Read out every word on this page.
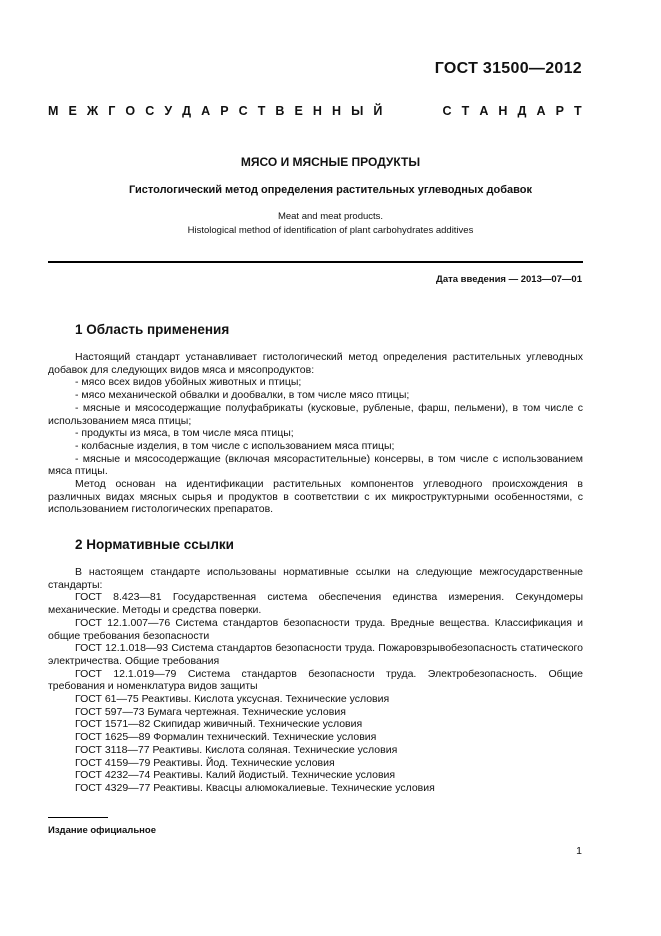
ГОСТ 31500—2012
М Е Ж Г О С У Д А Р С Т В Е Н Н Ы Й	С Т А Н Д А Р Т
МЯСО И МЯСНЫЕ ПРОДУКТЫ
Гистологический метод определения растительных углеводных добавок
Meat and meat products.
Histological method of identification of plant carbohydrates additives
Дата введения — 2013—07—01
1 Область применения

Настоящий стандарт устанавливает гистологический метод определения растительных углеводных добавок для следующих видов мяса и мясопродуктов:

- мясо всех видов убойных животных и птицы;

- мясо механической обвалки и дообвалки, в том числе мясо птицы;

- мясные и мясосодержащие полуфабрикаты (кусковые, рубленые, фарш, пельмени), в том числе с использованием мяса птицы;

- продукты из мяса, в том числе мяса птицы;

- колбасные изделия, в том числе с использованием мяса птицы;

- мясные и мясосодержащие (включая мясорастительные) консервы, в том числе с использованием мяса птицы.

Метод основан на идентификации растительных компонентов углеводного происхождения в различных видах мясных сырья и продуктов в соответствии с их микроструктурными особенностями, с использованием гистологических препаратов.

2 Нормативные ссылки

В настоящем стандарте использованы нормативные ссылки на следующие межгосударственные стандарты:

ГОСТ 8.423—81 Государственная система обеспечения единства измерения. Секундомеры механические. Методы и средства поверки.

ГОСТ 12.1.007—76 Система стандартов безопасности труда. Вредные вещества. Классификация и общие требования безопасности

ГОСТ 12.1.018—93 Система стандартов безопасности труда. Пожаровзрывобезопасность статического электричества. Общие требования

ГОСТ 12.1.019—79 Система стандартов безопасности труда. Электробезопасность. Общие требования и номенклатура видов защиты

ГОСТ 61—75 Реактивы. Кислота уксусная. Технические условия

ГОСТ 597—73 Бумага чертежная. Технические условия

ГОСТ 1571—82 Скипидар живичный. Технические условия

ГОСТ 1625—89 Формалин технический. Технические условия

ГОСТ 3118—77 Реактивы. Кислота соляная. Технические условия

ГОСТ 4159—79 Реактивы. Йод. Технические условия

ГОСТ 4232—74 Реактивы. Калий йодистый. Технические условия

ГОСТ 4329—77 Реактивы. Квасцы алюмокалиевые. Технические условия

Издание официальное
1
